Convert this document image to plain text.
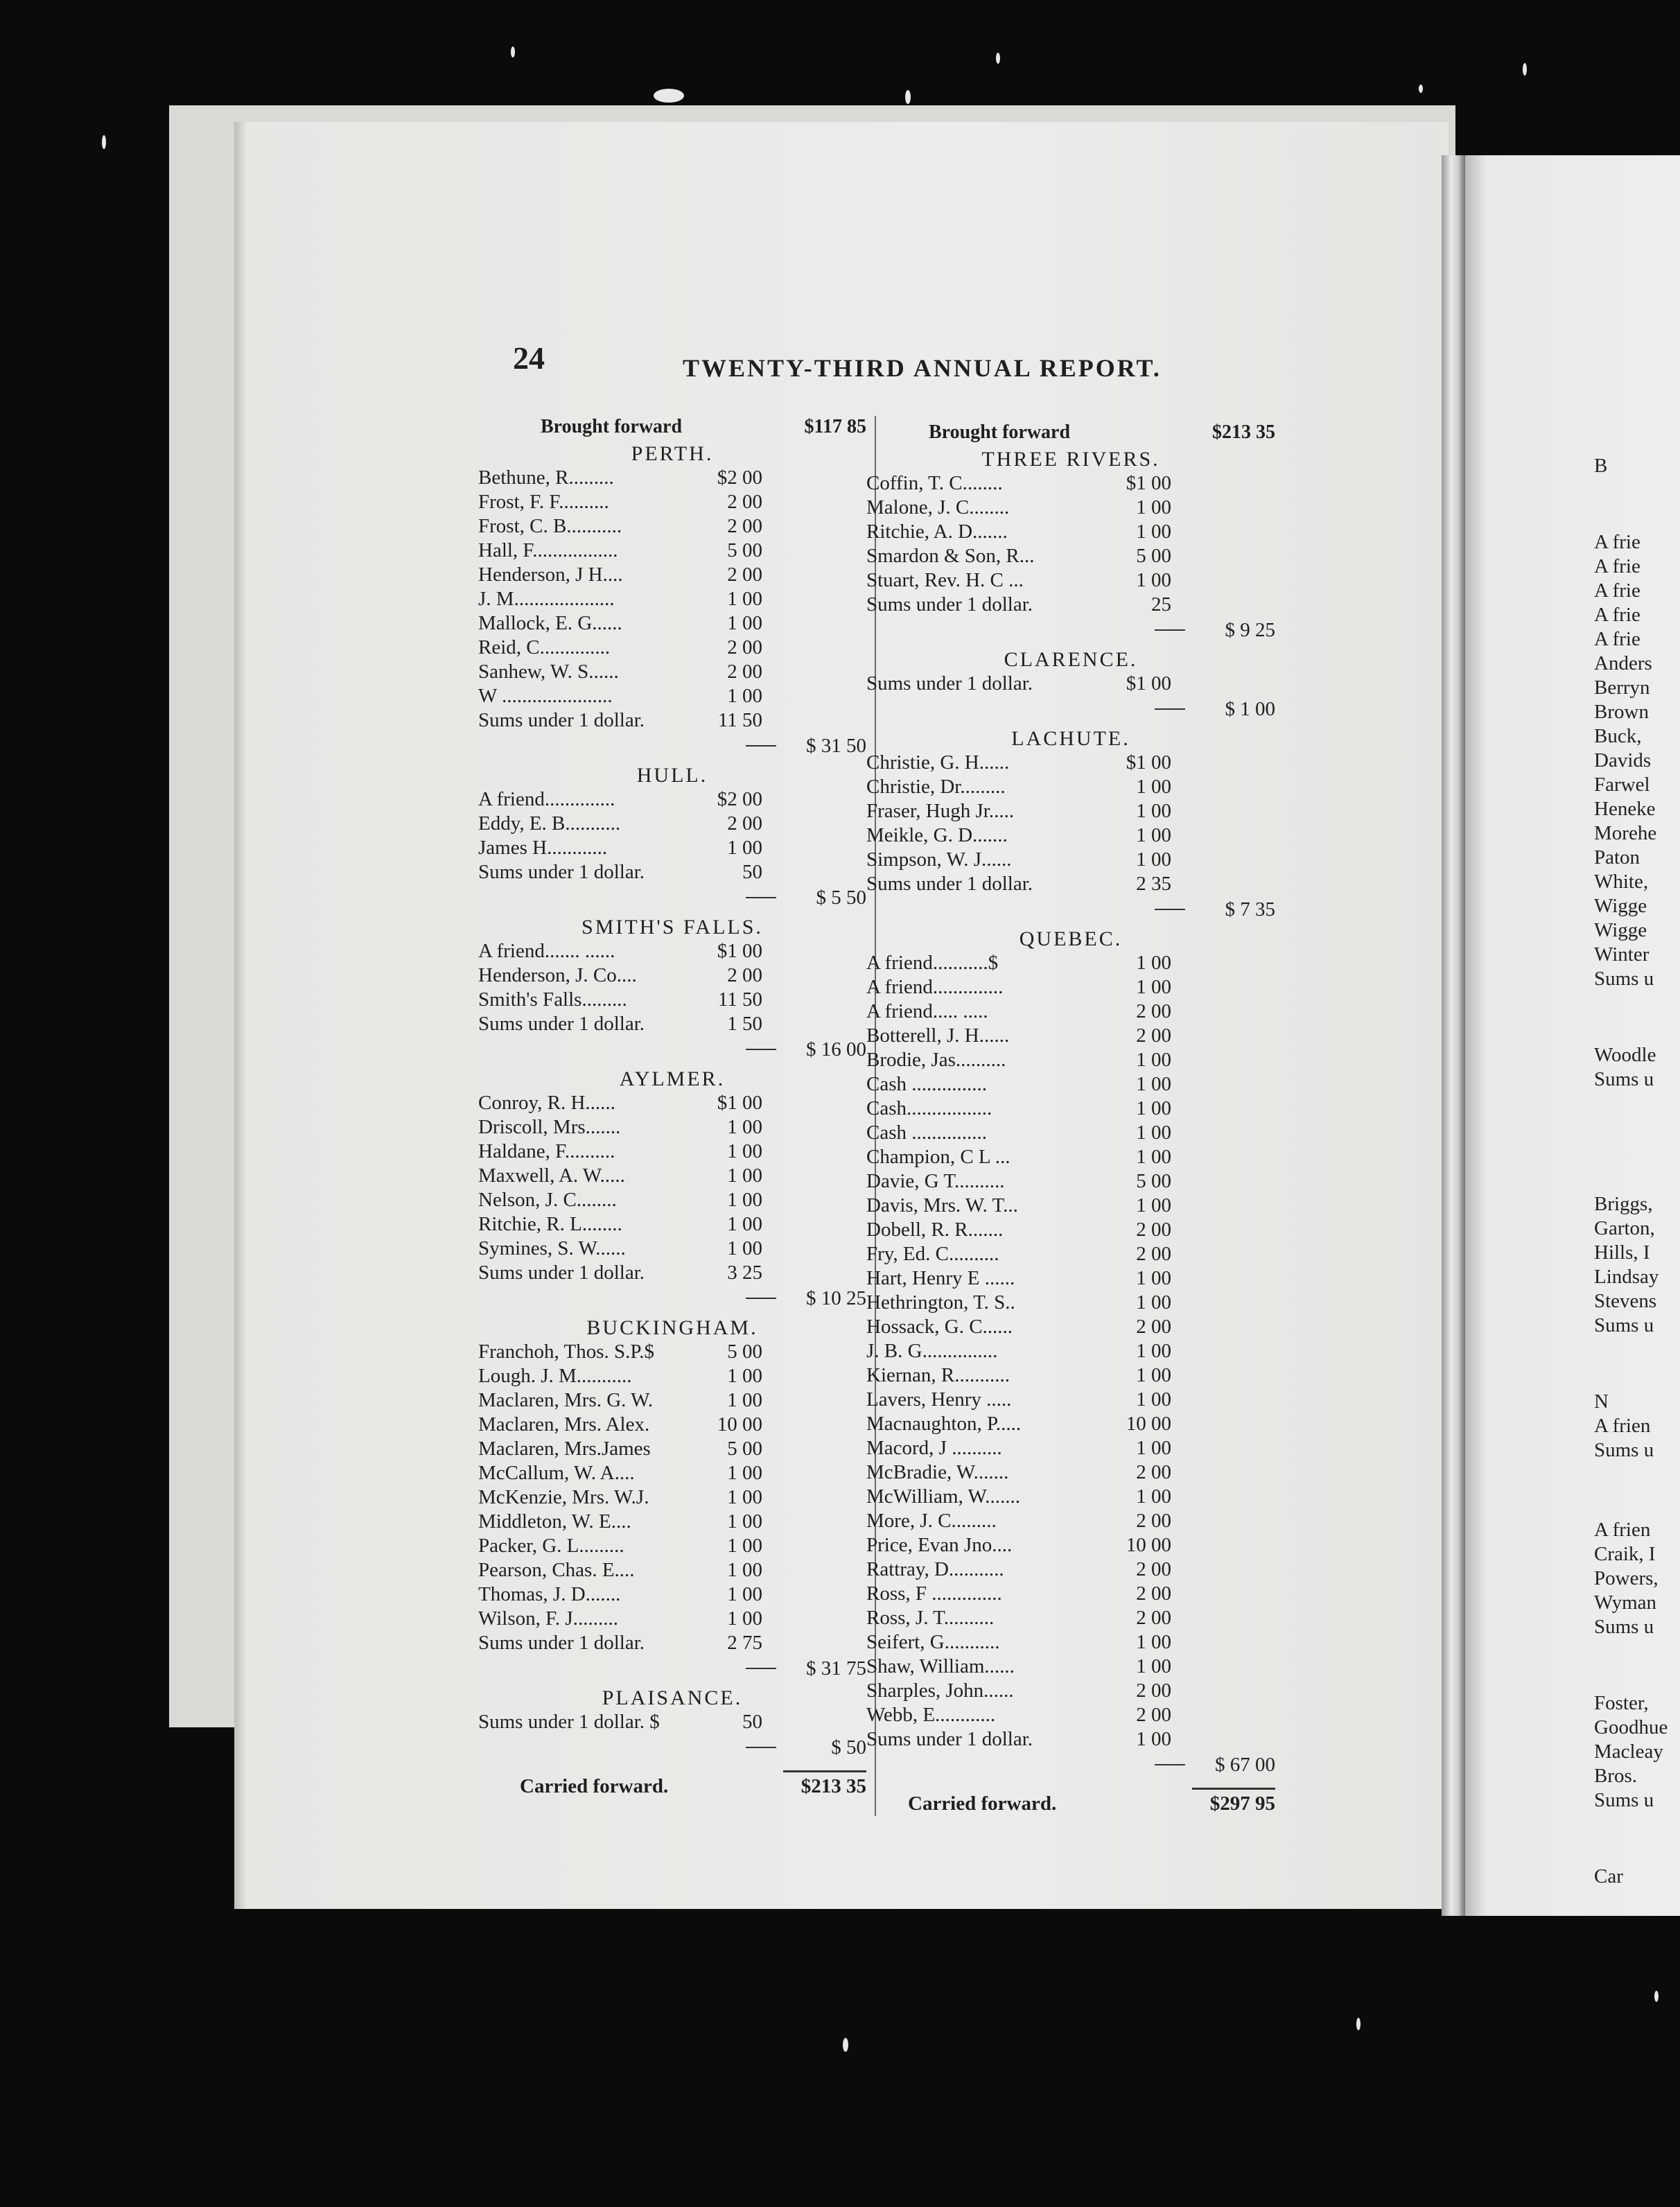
B
A frie
A frie
A frie
A frie
A frie
Anders
Berryn
Brown
Buck,
Davids
Farwel
Heneke
Morehe
Paton
White,
Wigge
Wigge
Winter
Sums u
Woodle
Sums u
Briggs,
Garton,
Hills, I
Lindsay
Stevens
Sums u
N
A frien
Sums u
A frien
Craik, I
Powers,
Wyman
Sums u
Foster,
Goodhue
Macleay
Bros.
Sums u
Car
24	TWENTY-THIRD ANNUAL REPORT.
Brought forward	$117 85
PERTH.
Bethune, R.........	$2 00
Frost, F. F..........	2 00
Frost, C. B...........	2 00
Hall, F.................	5 00
Henderson, J H....	2 00
J. M....................	1 00
Mallock, E. G......	1 00
Reid, C..............	2 00
Sanhew, W. S......	2 00
W ......................	1 00
Sums under 1 dollar.	11 50
$ 31 50
HULL.
A friend..............	$2 00
Eddy, E. B...........	2 00
James H............	1 00
Sums under 1 dollar.	50
$ 5 50
SMITH'S FALLS.
A friend....... ......	$1 00
Henderson, J. Co....	2 00
Smith's Falls.........	11 50
Sums under 1 dollar.	1 50
$ 16 00
AYLMER.
Conroy, R. H......	$1 00
Driscoll, Mrs.......	1 00
Haldane, F..........	1 00
Maxwell, A. W.....	1 00
Nelson, J. C........	1 00
Ritchie, R. L........	1 00
Symines, S. W......	1 00
Sums under 1 dollar.	3 25
$ 10 25
BUCKINGHAM.
Franchoh, Thos. S.P.$	5 00
Lough. J. M...........	1 00
Maclaren, Mrs. G. W.	1 00
Maclaren, Mrs. Alex.	10 00
Maclaren, Mrs.James	5 00
McCallum, W. A....	1 00
McKenzie, Mrs. W.J.	1 00
Middleton, W. E....	1 00
Packer, G. L.........	1 00
Pearson, Chas. E....	1 00
Thomas, J. D.......	1 00
Wilson, F. J.........	1 00
Sums under 1 dollar.	2 75
$ 31 75
PLAISANCE.
Sums under 1 dollar. $	50
$ 50
Carried forward.	$213 35
Brought forward	$213 35
THREE RIVERS.
Coffin, T. C........	$1 00
Malone, J. C........	1 00
Ritchie, A. D.......	1 00
Smardon & Son, R...	5 00
Stuart, Rev. H. C ...	1 00
Sums under 1 dollar.	25
$ 9 25
CLARENCE.
Sums under 1 dollar.	$1 00
$ 1 00
LACHUTE.
Christie, G. H......	$1 00
Christie, Dr.........	1 00
Fraser, Hugh Jr.....	1 00
Meikle, G. D.......	1 00
Simpson, W. J......	1 00
Sums under 1 dollar.	2 35
$ 7 35
QUEBEC.
A friend...........$	1 00
A friend..............	1 00
A friend..... .....	2 00
Botterell, J. H......	2 00
Brodie, Jas..........	1 00
Cash ...............	1 00
Cash.................	1 00
Cash ...............	1 00
Champion, C L ...	1 00
Davie, G T..........	5 00
Davis, Mrs. W. T...	1 00
Dobell, R. R.......	2 00
Fry, Ed. C..........	2 00
Hart, Henry E ......	1 00
Hethrington, T. S..	1 00
Hossack, G. C......	2 00
J. B. G...............	1 00
Kiernan, R...........	1 00
Lavers, Henry .....	1 00
Macnaughton, P.....	10 00
Macord, J ..........	1 00
McBradie, W.......	2 00
McWilliam, W.......	1 00
More, J. C.........	2 00
Price, Evan Jno....	10 00
Rattray, D...........	2 00
Ross, F ..............	2 00
Ross, J. T..........	2 00
Seifert, G...........	1 00
Shaw, William......	1 00
Sharples, John......	2 00
Webb, E............	2 00
Sums under 1 dollar.	1 00
$ 67 00
Carried forward.	$297 95
